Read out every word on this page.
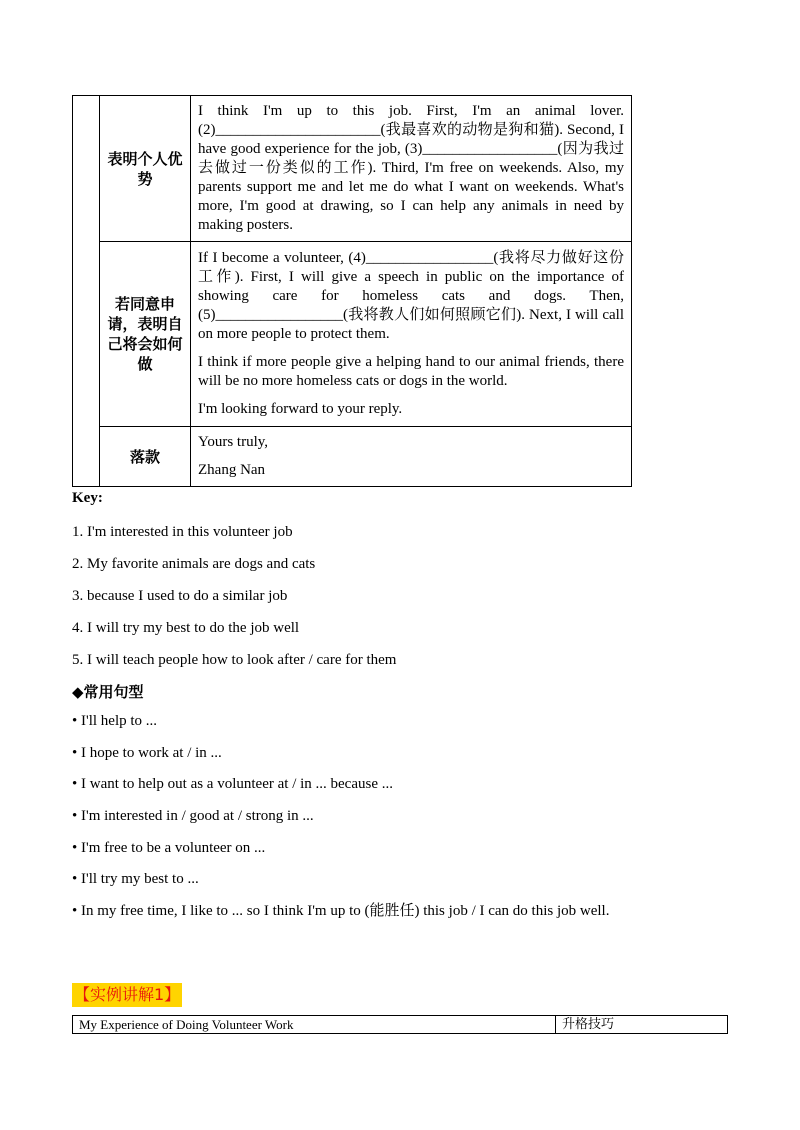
	表明个人优势	I think I'm up to this job. First, I'm an animal lover. (2)______________________(我最喜欢的动物是狗和猫). Second, I have good experience for the job, (3)__________________(因为我过去做过一份类似的工作). Third, I'm free on weekends. Also, my parents support me and let me do what I want on weekends. What's more, I'm good at drawing, so I can help any animals in need by making posters.

	若同意申请，表明自己将会如何做	If I become a volunteer, (4)_________________(我将尽力做好这份工作). First, I will give a speech in public on the importance of showing care for homeless cats and dogs. Then, (5)_________________(我将教人们如何照顾它们). Next, I will call on more people to protect them.

I think if more people give a helping hand to our animal friends, there will be no more homeless cats or dogs in the world.

I'm looking forward to your reply.

	落款	Yours truly,

Zhang Nan

Key:
1. I'm interested in this volunteer job
2. My favorite animals are dogs and cats
3. because I used to do a similar job
4. I will try my best to do the job well
5. I will teach people how to look after / care for them
◆常用句型
• I'll help to ...
• I hope to work at / in ...
• I want to help out as a volunteer at / in ... because ...
• I'm interested in / good at / strong in ...
• I'm free to be a volunteer on ...
• I'll try my best to ...
• In my free time, I like to ... so I think I'm up to (能胜任) this job / I can do this job well.
【实例讲解1】
My Experience of Doing Volunteer Work	升格技巧
